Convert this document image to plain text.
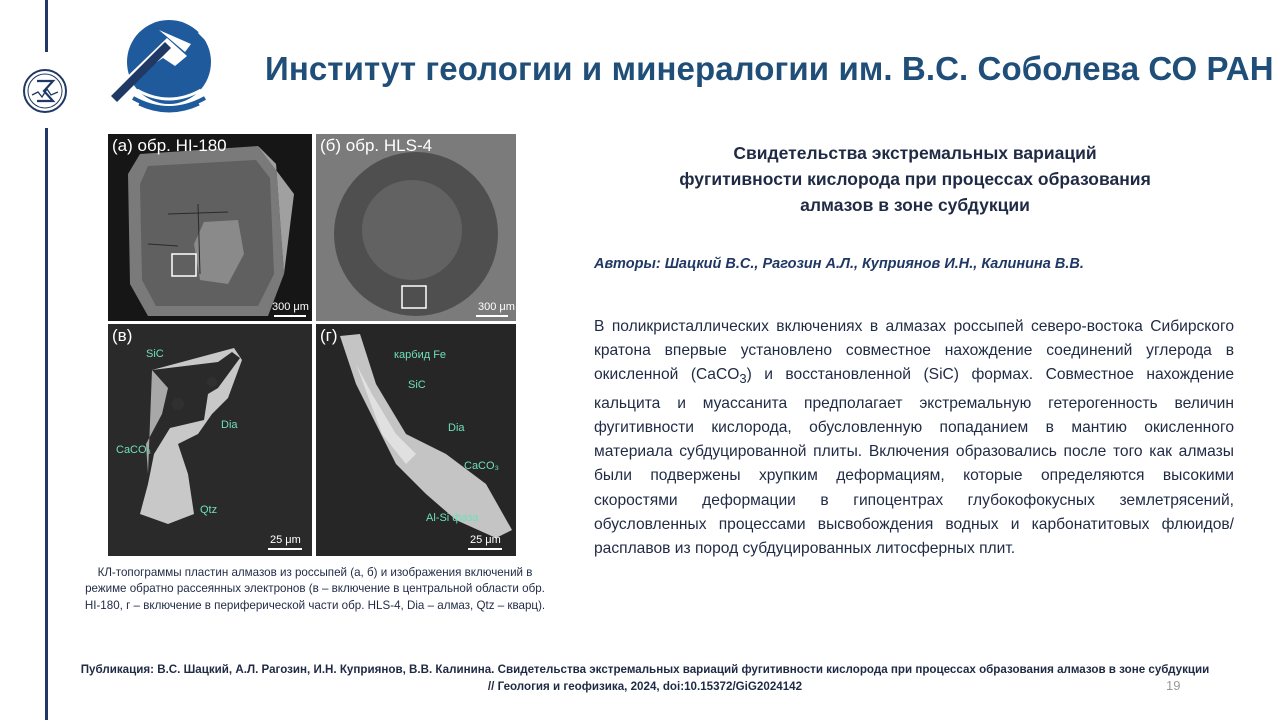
Институт геологии и минералогии им. В.С. Соболева СО РАН
(а) обр. HI-180
300 μm
(б) обр. HLS-4
300 μm
(в)
SiC
Dia
CaCO₃
Qtz
25 μm
(г)
карбид Fe
SiC
Dia
CaCO₃
Al-Si фаза
25 μm
КЛ-топограммы пластин алмазов из россыпей (а, б) и изображения включений в режиме обратно рассеянных электронов (в – включение в центральной области обр. HI-180, г – включение в периферической части обр. HLS-4, Dia – алмаз, Qtz – кварц).
Свидетельства экстремальных вариаций
фугитивности кислорода при процессах образования
алмазов в зоне субдукции
Авторы: Шацкий В.С., Рагозин А.Л., Куприянов И.Н., Калинина В.В.
В поликристаллических включениях в алмазах россыпей северо-востока Сибирского кратона впервые установлено совместное нахождение соединений углерода в окисленной (CaCO$_3$) и восстановленной (SiC) формах. Совместное нахождение кальцита и муассанита предполагает экстремальную гетерогенность величин фугитивности кислорода, обусловленную попаданием в мантию окисленного материала субдуцированной плиты. Включения образовались после того как алмазы были подвержены хрупким деформациям, которые определяются высокими скоростями деформации в гипоцентрах глубокофокусных землетрясений, обусловленных процессами высвобождения водных и карбонатитовых флюидов/расплавов из пород субдуцированных литосферных плит.
Публикация: В.С. Шацкий, А.Л. Рагозин, И.Н. Куприянов, В.В. Калинина. Свидетельства экстремальных вариаций фугитивности кислорода при процессах образования алмазов в зоне субдукции // Геология и геофизика, 2024, doi:10.15372/GiG2024142	19
